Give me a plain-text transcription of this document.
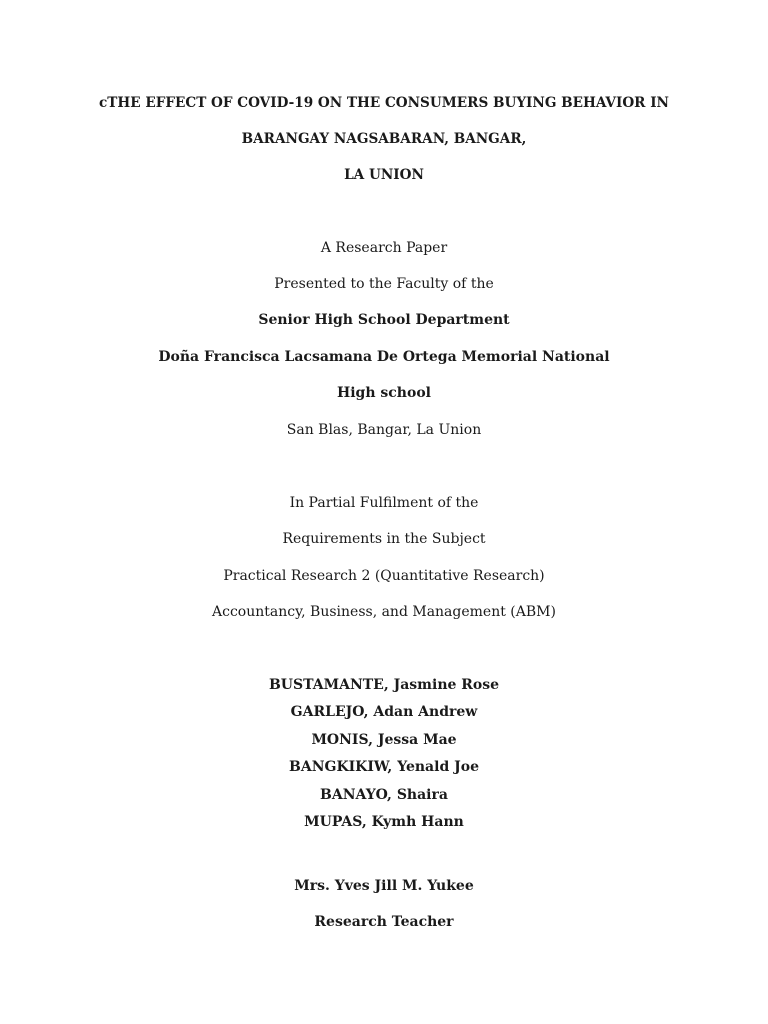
cTHE EFFECT OF COVID-19 ON THE CONSUMERS BUYING BEHAVIOR IN
BARANGAY NAGSABARAN, BANGAR,
LA UNION
A Research Paper
Presented to the Faculty of the
Senior High School Department
Doña Francisca Lacsamana De Ortega Memorial National
High school
San Blas, Bangar, La Union
In Partial Fulfilment of the
Requirements in the Subject
Practical Research 2 (Quantitative Research)
Accountancy, Business, and Management (ABM)
BUSTAMANTE, Jasmine Rose
GARLEJO, Adan Andrew
MONIS, Jessa Mae
BANGKIKIW, Yenald Joe
BANAYO, Shaira
MUPAS, Kymh Hann
Mrs. Yves Jill M. Yukee
Research Teacher
